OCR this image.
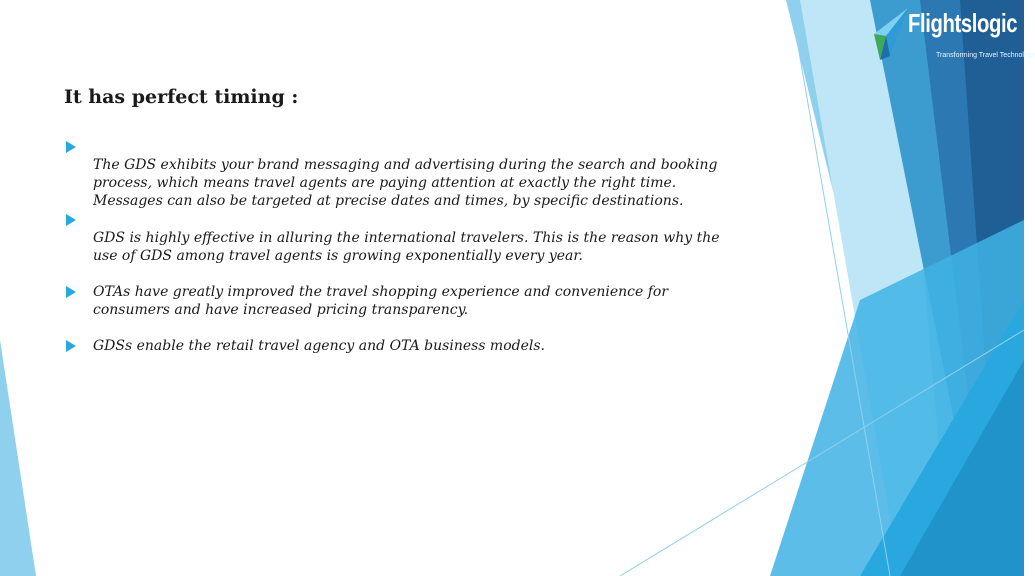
Flightslogic
Transforming Travel Technology
It has perfect timing :
The GDS exhibits your brand messaging and advertising during the search and booking
process, which means travel agents are paying attention at exactly the right time.
Messages can also be targeted at precise dates and times, by specific destinations.
GDS is highly effective in alluring the international travelers. This is the reason why the
use of GDS among travel agents is growing exponentially every year.
OTAs have greatly improved the travel shopping experience and convenience for
consumers and have increased pricing transparency.
GDSs enable the retail travel agency and OTA business models.
